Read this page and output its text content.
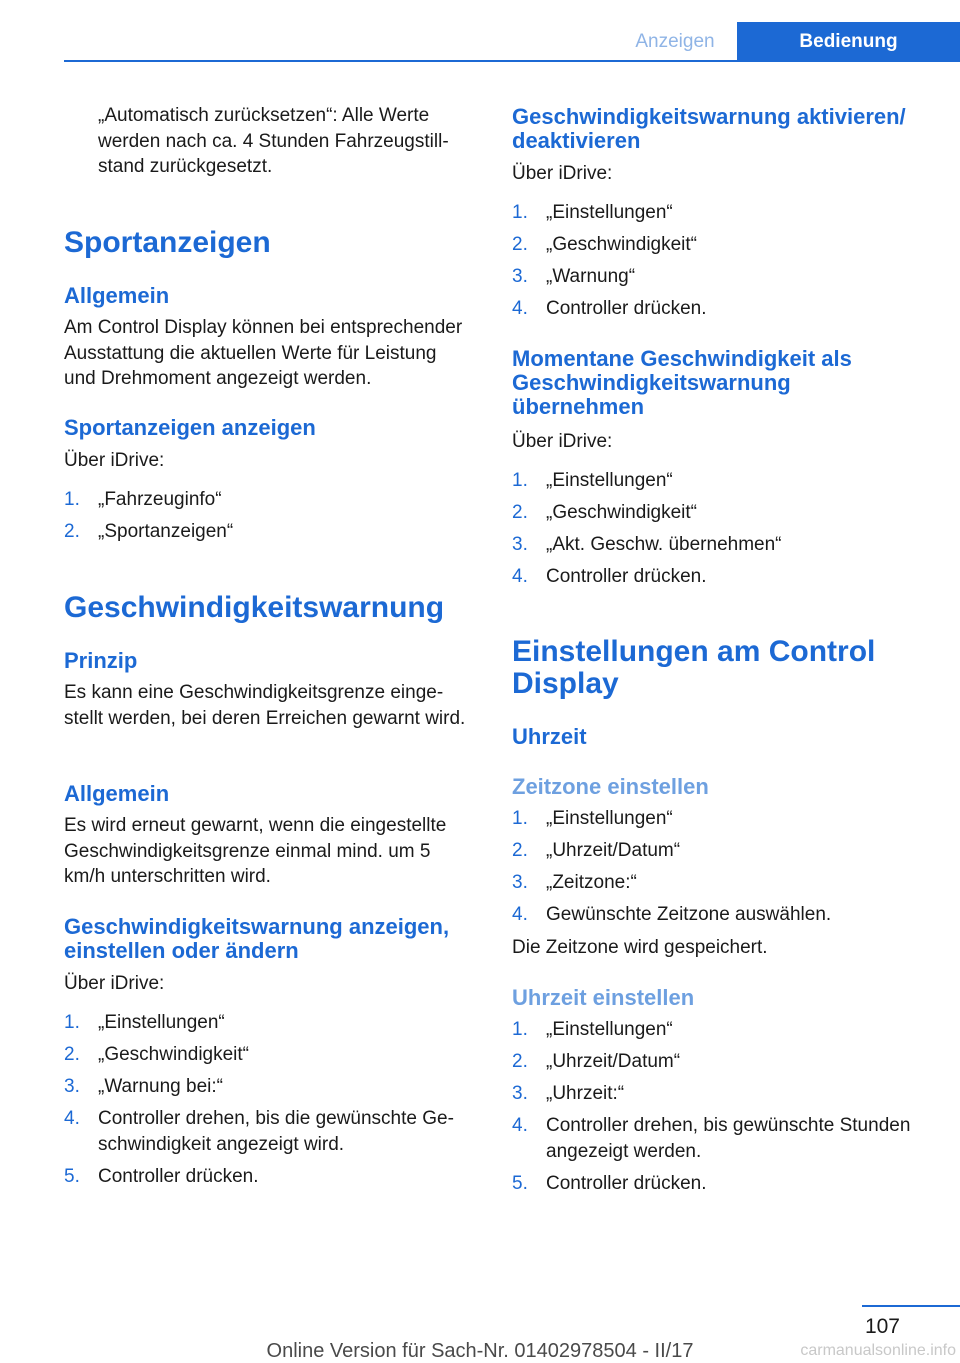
Anzeigen	Bedienung

„Automatisch zurücksetzen“: Alle Werte werden nach ca. 4 Stunden Fahrzeugstillstand zurückgesetzt.

Sportanzeigen
Allgemein

Am Control Display können bei entsprechender Ausstattung die aktuellen Werte für Leistung und Drehmoment angezeigt werden.

Sportanzeigen anzeigen

Über iDrive:

1. „Fahrzeuginfo“
2. „Sportanzeigen“
Geschwindigkeitswarnung
Prinzip

Es kann eine Geschwindigkeitsgrenze eingestellt werden, bei deren Erreichen gewarnt wird.

Allgemein

Es wird erneut gewarnt, wenn die eingestellte Geschwindigkeitsgrenze einmal mind. um 5 km/h unterschritten wird.

Geschwindigkeitswarnung anzeigen, einstellen oder ändern

Über iDrive:

1. „Einstellungen“
2. „Geschwindigkeit“
3. „Warnung bei:“
4. Controller drehen, bis die gewünschte Geschwindigkeit angezeigt wird.
5. Controller drücken.
Geschwindigkeitswarnung aktivieren/ deaktivieren

Über iDrive:

1. „Einstellungen“
2. „Geschwindigkeit“
3. „Warnung“
4. Controller drücken.
Momentane Geschwindigkeit als Geschwindigkeitswarnung übernehmen

Über iDrive:

1. „Einstellungen“
2. „Geschwindigkeit“
3. „Akt. Geschw. übernehmen“
4. Controller drücken.
Einstellungen am Control Display
Uhrzeit
Zeitzone einstellen
1. „Einstellungen“
2. „Uhrzeit/Datum“
3. „Zeitzone:“
4. Gewünschte Zeitzone auswählen.

Die Zeitzone wird gespeichert.

Uhrzeit einstellen
1. „Einstellungen“
2. „Uhrzeit/Datum“
3. „Uhrzeit:“
4. Controller drehen, bis gewünschte Stunden angezeigt werden.
5. Controller drücken.
107
Online Version für Sach-Nr. 01402978504 - II/17	carmanualsonline.info
